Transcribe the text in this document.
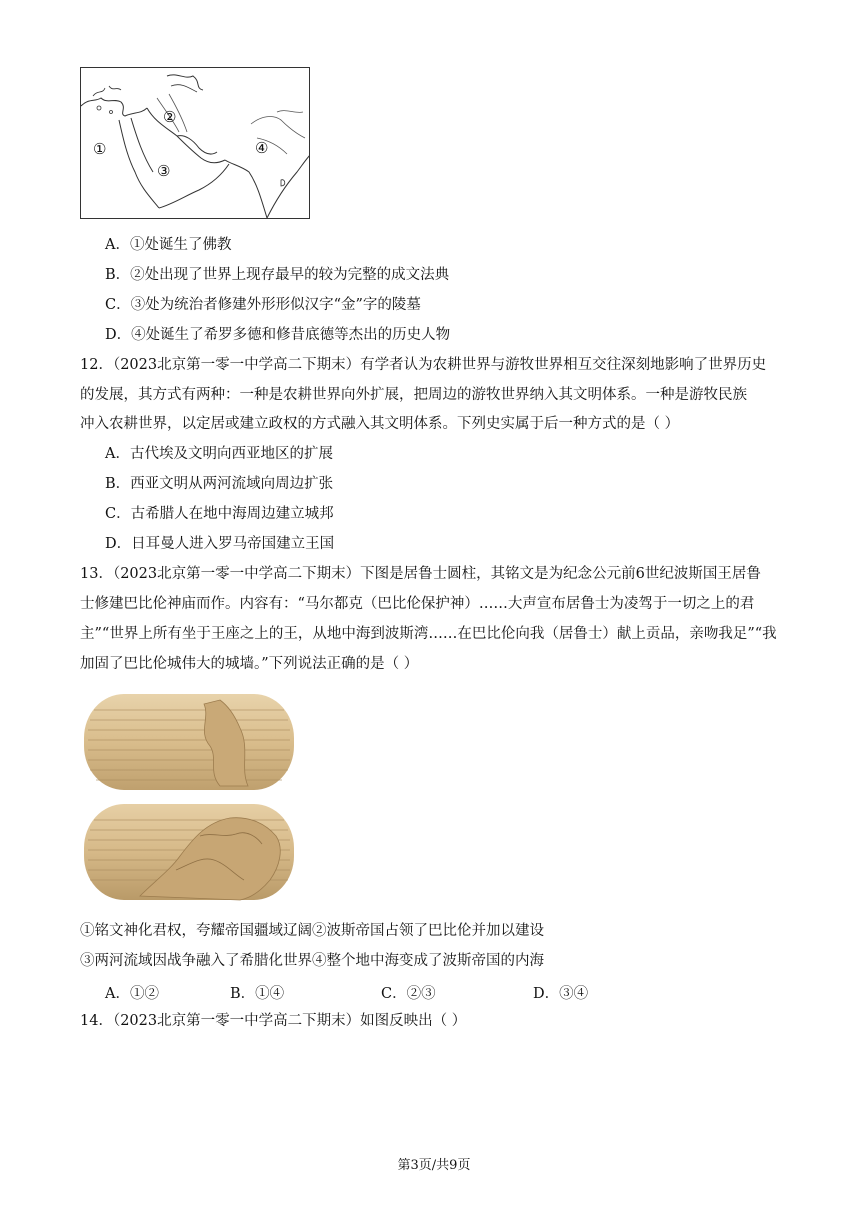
①
②
③
④
A．①处诞生了佛教
B．②处出现了世界上现存最早的较为完整的成文法典
C．③处为统治者修建外形形似汉字“金”字的陵墓
D．④处诞生了希罗多德和修昔底德等杰出的历史人物
12．（2023北京第一零一中学高二下期末）有学者认为农耕世界与游牧世界相互交往深刻地影响了世界历史
的发展，其方式有两种：一种是农耕世界向外扩展，把周边的游牧世界纳入其文明体系。一种是游牧民族
冲入农耕世界，以定居或建立政权的方式融入其文明体系。下列史实属于后一种方式的是（ ）
A．古代埃及文明向西亚地区的扩展
B．西亚文明从两河流域向周边扩张
C．古希腊人在地中海周边建立城邦
D．日耳曼人进入罗马帝国建立王国
13．（2023北京第一零一中学高二下期末）下图是居鲁士圆柱，其铭文是为纪念公元前6世纪波斯国王居鲁
士修建巴比伦神庙而作。内容有：“马尔都克（巴比伦保护神）……大声宣布居鲁士为凌驾于一切之上的君
主”“世界上所有坐于王座之上的王，从地中海到波斯湾……在巴比伦向我（居鲁士）献上贡品，亲吻我足”“我
加固了巴比伦城伟大的城墙。”下列说法正确的是（ ）
①铭文神化君权，夸耀帝国疆域辽阔②波斯帝国占领了巴比伦并加以建设
③两河流域因战争融入了希腊化世界④整个地中海变成了波斯帝国的内海
A．①②	B．①④	C．②③	D．③④
14．（2023北京第一零一中学高二下期末）如图反映出（ ）
第3页/共9页
